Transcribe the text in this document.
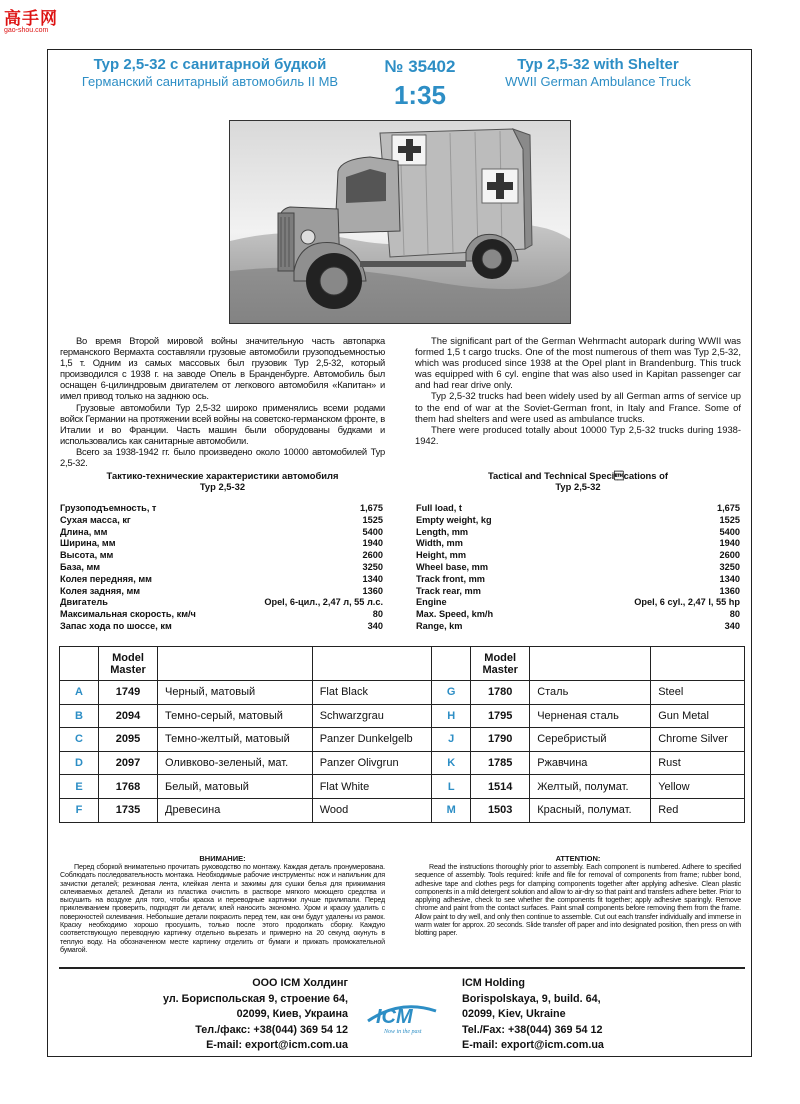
高手网
gao-shou.com
Typ 2,5-32 с санитарной будкой
Германский санитарный автомобиль II МВ
№ 35402
1:35
Typ 2,5-32 with Shelter
WWII German Ambulance Truck

Во время Второй мировой войны значительную часть автопарка германского Вермахта составляли грузовые автомобили грузоподъемностью 1,5 т. Одним из самых массовых был грузовик Typ 2,5-32, который производился с 1938 г. на заводе Опель в Бранденбурге. Автомобиль был оснащен 6-цилиндровым двигателем от легкового автомобиля «Капитан» и имел привод только на заднюю ось.

Грузовые автомобили Typ 2,5-32 широко применялись всеми родами войск Германии на протяжении всей войны на советско-германском фронте, в Италии и во Франции. Часть машин были оборудованы будками и использовались как санитарные автомобили.

Всего за 1938-1942 гг. было произведено около 10000 автомобилей Typ 2,5-32.

The significant part of the German Wehrmacht autopark during WWII was formed 1,5 t cargo trucks. One of the most numerous of them was Typ 2,5-32, which was produced since 1938 at the Opel plant in Brandenburg. This truck was equipped with 6 cyl. engine that was also used in Kapitan passenger car and had rear drive only.

Typ 2,5-32 trucks had been widely used by all German arms of service up to the end of war at the Soviet-German front, in Italy and France. Some of them had shelters and were used as ambulance trucks.

There were produced totally about 10000 Typ 2,5-32 trucks during 1938-1942.

Тактико-технические характеристики автомобиля
Typ 2,5-32
Tactical and Technical Specications of
Typ 2,5-32
Грузоподъемность, т	1,675
Сухая масса, кг	1525
Длина, мм	5400
Ширина, мм	1940
Высота, мм	2600
База, мм	3250
Колея передняя, мм	1340
Колея задняя, мм	1360
Двигатель	Opel, 6-цил., 2,47 л, 55 л.с.
Максимальная скорость, км/ч	80
Запас хода по шоссе, км	340
Full load, t	1,675
Empty weight, kg	1525
Length, mm	5400
Width, mm	1940
Height, mm	2600
Wheel base, mm	3250
Track front, mm	1340
Track rear, mm	1360
Engine	Opel, 6 cyl., 2,47 l, 55 hp
Max. Speed, km/h	80
Range, km	340
	Model
Master				Model
Master		
A	1749	Черный, матовый	Flat Black	G	1780	Сталь	Steel
B	2094	Темно-серый, матовый	Schwarzgrau	H	1795	Черненая сталь	Gun Metal
C	2095	Темно-желтый, матовый	Panzer Dunkelgelb	J	1790	Серебристый	Chrome Silver
D	2097	Оливково-зеленый, мат.	Panzer Olivgrun	K	1785	Ржавчина	Rust
E	1768	Белый, матовый	Flat White	L	1514	Желтый, полумат.	Yellow
F	1735	Древесина	Wood	M	1503	Красный, полумат.	Red
ВНИМАНИЕ:

Перед сборкой внимательно прочитать руководство по монтажу. Каждая деталь пронумерована. Соблюдать последовательность монтажа. Необходимые рабочие инструменты: нож и напильник для зачистки деталей; резиновая лента, клейкая лента и зажимы для сушки белья для прижимания склеиваемых деталей. Детали из пластика очистить в растворе мягкого моющего средства и высушить на воздухе для того, чтобы краска и переводные картинки лучше прилипали. Перед приклеиванием проверить, подходят ли детали; клей наносить экономно. Хром и краску удалить с поверхностей склеивания. Небольшие детали покрасить перед тем, как они будут удалены из рамок. Краску необходимо хорошо просушить, только после этого продолжать сборку. Каждую соответствующую переводную картинку отдельно вырезать и примерно на 20 секунд окунуть в теплую воду. На обозначенном месте картинку отделить от бумаги и прижать промокательной бумагой.

ATTENTION:

Read the instructions thoroughly prior to assembly. Each component is numbered. Adhere to specified sequence of assembly. Tools required: knife and file for removal of components from frame; rubber bond, adhesive tape and clothes pegs for clamping components together after applying adhesive. Clean plastic components in a mild detergent solution and allow to air-dry so that paint and transfers adhere better. Prior to applying adhesive, check to see whether the components fit together; apply adhesive sparingly. Remove chrome and paint from the contact surfaces. Paint small components before removing them from the frame. Allow paint to dry well, and only then continue to assemble. Cut out each transfer individually and immerse in warm water for approx. 20 seconds. Slide transfer off paper and into designated position, then press on with blotting paper.

ООО ICM Холдинг
ул. Бориспольская 9, строение 64,
02099, Киев, Украина
Тел./факс: +38(044) 369 54 12
E-mail: export@icm.com.ua
ICM
Now in the past
ICM Holding
Borispolskaya, 9, build. 64,
02099, Kiev, Ukraine
Tel./Fax: +38(044) 369 54 12
E-mail: export@icm.com.ua
